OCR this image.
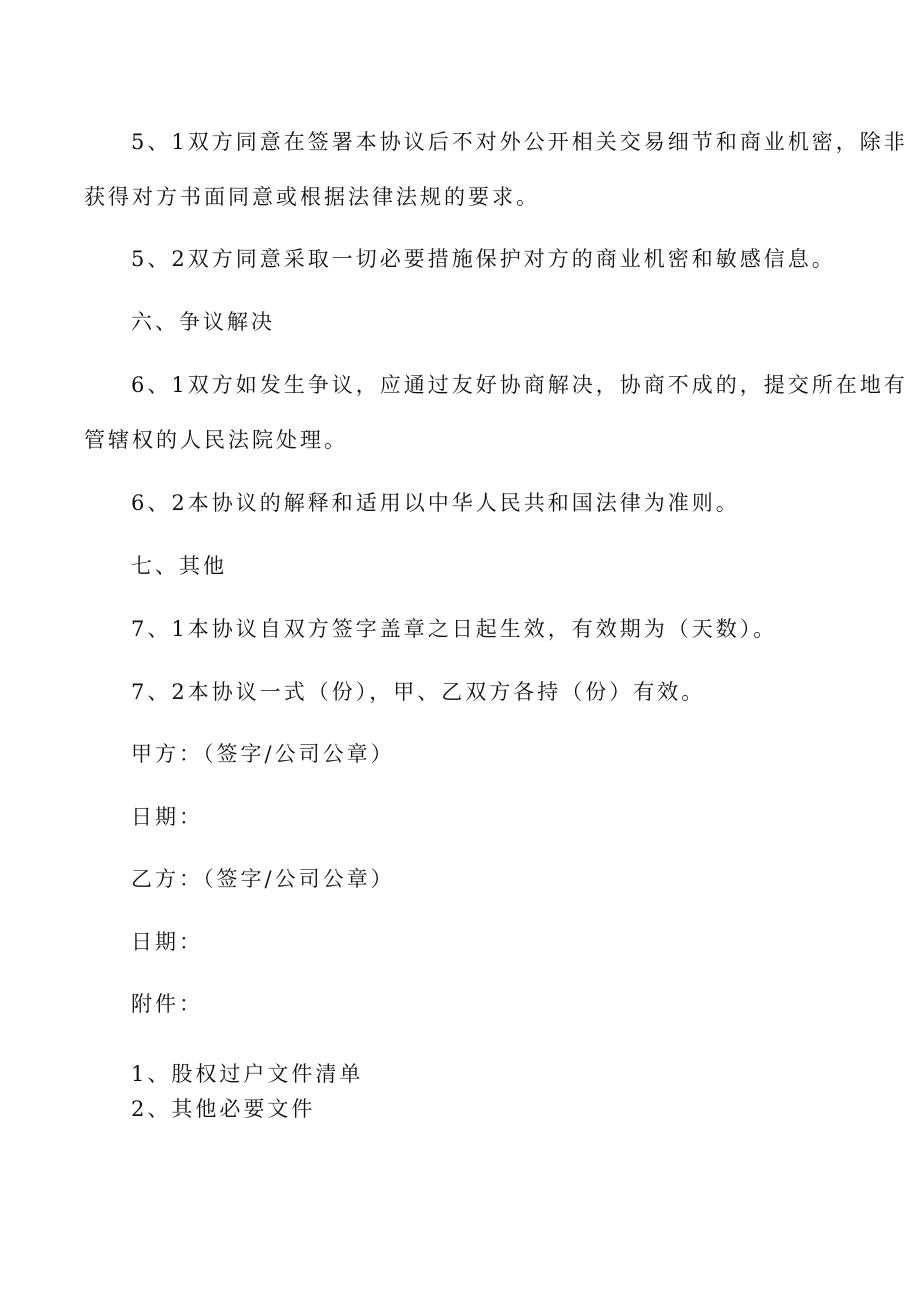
5、1双方同意在签署本协议后不对外公开相关交易细节和商业机密，除非
获得对方书面同意或根据法律法规的要求。
5、2双方同意采取一切必要措施保护对方的商业机密和敏感信息。
六、争议解决
6、1双方如发生争议，应通过友好协商解决，协商不成的，提交所在地有
管辖权的人民法院处理。
6、2本协议的解释和适用以中华人民共和国法律为准则。
七、其他
7、1本协议自双方签字盖章之日起生效，有效期为（天数）。
7、2本协议一式（份），甲、乙双方各持（份）有效。
甲方：（签字/公司公章）
日期：
乙方：（签字/公司公章）
日期：
附件：
1、股权过户文件清单
2、其他必要文件
